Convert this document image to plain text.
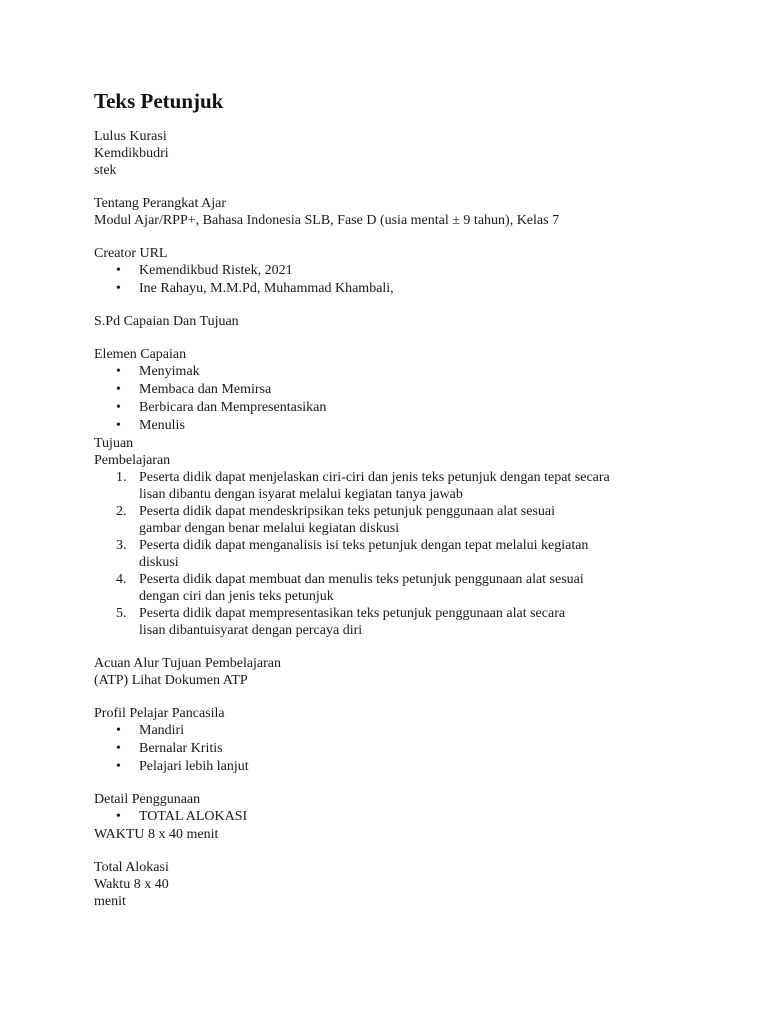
Teks Petunjuk
Lulus Kurasi
Kemdikbudri
stek
Tentang Perangkat Ajar
Modul Ajar/RPP+, Bahasa Indonesia SLB, Fase D (usia mental ± 9 tahun), Kelas 7
Creator URL
• Kemendikbud Ristek, 2021
• Ine Rahayu, M.M.Pd, Muhammad Khambali,
S.Pd Capaian Dan Tujuan
Elemen Capaian
• Menyimak
• Membaca dan Memirsa
• Berbicara dan Mempresentasikan
• Menulis
Tujuan
Pembelajaran
1. Peserta didik dapat menjelaskan ciri-ciri dan jenis teks petunjuk dengan tepat secara
lisan dibantu dengan isyarat melalui kegiatan tanya jawab
2. Peserta didik dapat mendeskripsikan teks petunjuk penggunaan alat sesuai
gambar dengan benar melalui kegiatan diskusi
3. Peserta didik dapat menganalisis isi teks petunjuk dengan tepat melalui kegiatan
diskusi
4. Peserta didik dapat membuat dan menulis teks petunjuk penggunaan alat sesuai
dengan ciri dan jenis teks petunjuk
5. Peserta didik dapat mempresentasikan teks petunjuk penggunaan alat secara
lisan dibantuisyarat dengan percaya diri
Acuan Alur Tujuan Pembelajaran
(ATP) Lihat Dokumen ATP
Profil Pelajar Pancasila
• Mandiri
• Bernalar Kritis
• Pelajari lebih lanjut
Detail Penggunaan
• TOTAL ALOKASI
WAKTU 8 x 40 menit
Total Alokasi
Waktu 8 x 40
menit
